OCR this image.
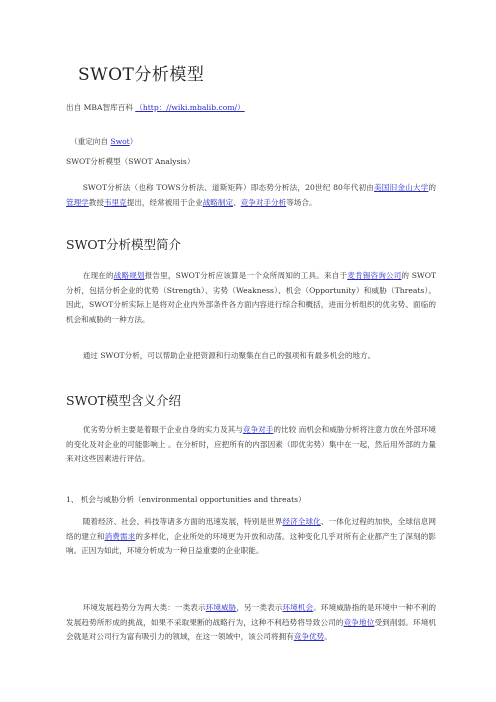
SWOT分析模型
出自 MBA智库百科 （http：//wiki.mbalib.com/）
（重定向自 Swot）
SWOT分析模型（SWOT Analysis）
SWOT分析法（也称 TOWS分析法、道斯矩阵）即态势分析法，20世纪 80年代初由美国旧金山大学的管理学教授韦里克提出，经常被用于企业战略制定、竞争对手分析等场合。
SWOT分析模型简介
在现在的战略规划报告里，SWOT分析应该算是一个众所周知的工具。来自于麦肯锡咨询公司的 SWOT分析，包括分析企业的优势（Strength）、劣势（Weakness）、机会（Opportunity）和威胁（Threats）。因此，SWOT分析实际上是将对企业内外部条件各方面内容进行综合和概括，进而分析组织的优劣势、面临的机会和威胁的一种方法。
通过 SWOT分析，可以帮助企业把资源和行动聚集在自己的强项和有最多机会的地方。
SWOT模型含义介绍
优劣势分析主要是着眼于企业自身的实力及其与竞争对手的比较 而机会和威胁分析将注意力放在外部环境的变化及对企业的可能影响上 。在分析时，应把所有的内部因素（即优劣势）集中在一起，然后用外部的力量来对这些因素进行评估。
1、 机会与威胁分析（environmental opportunities and threats）
随着经济、社会、科技等诸多方面的迅速发展，特别是世界经济全球化、一体化过程的加快，全球信息网络的建立和消费需求的多样化，企业所处的环境更为开放和动荡。这种变化几乎对所有企业都产生了深刻的影响。正因为如此，环境分析成为一种日益重要的企业职能。
环境发展趋势分为两大类：一类表示环境威胁，另一类表示环境机会。环境威胁指的是环境中一种不利的发展趋势所形成的挑战，如果不采取果断的战略行为，这种不利趋势将导致公司的竞争地位受到削弱。环境机会就是对公司行为富有吸引力的领域，在这一领域中，该公司将拥有竞争优势。
